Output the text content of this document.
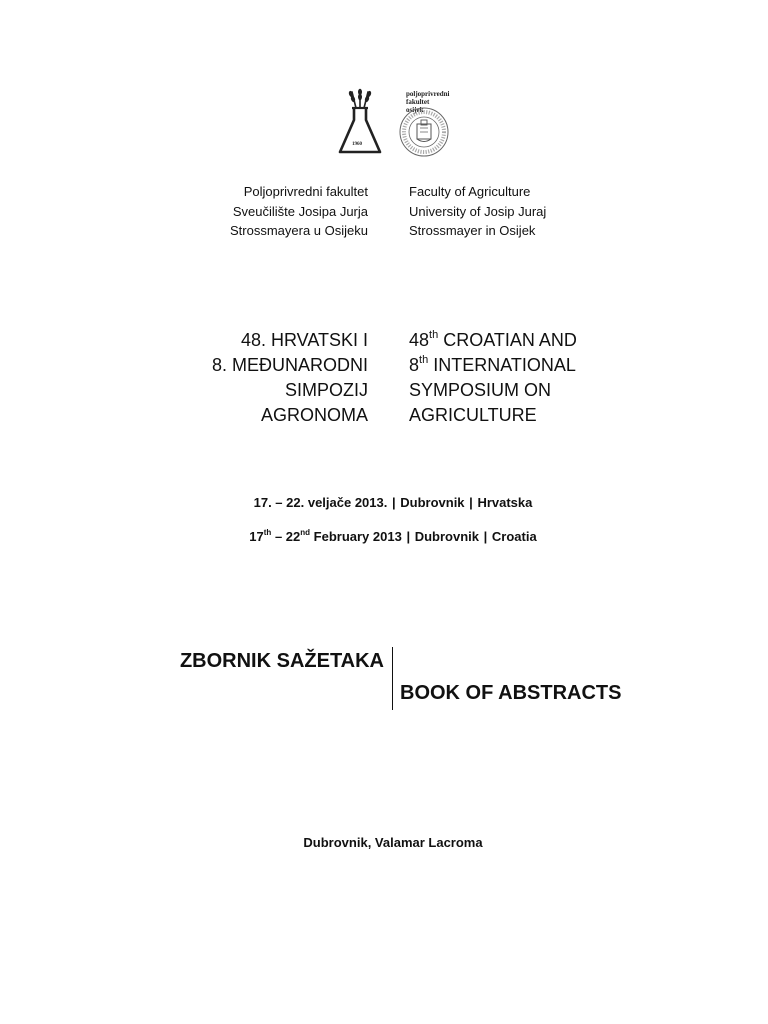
poljoprivredni
fakultet
osijek
1960
Poljoprivredni fakultet
Sveučilište Josipa Jurja
Strossmayera u Osijeku
Faculty of Agriculture
University of Josip Juraj
Strossmayer in Osijek
48. HRVATSKI I
8. MEĐUNARODNI
SIMPOZIJ
AGRONOMA
48th CROATIAN AND
8th INTERNATIONAL
SYMPOSIUM ON
AGRICULTURE
17. – 22. veljače 2013. | Dubrovnik | Hrvatska
17th – 22nd February 2013 | Dubrovnik | Croatia
ZBORNIK SAŽETAKA
BOOK OF ABSTRACTS
Dubrovnik, Valamar Lacroma
